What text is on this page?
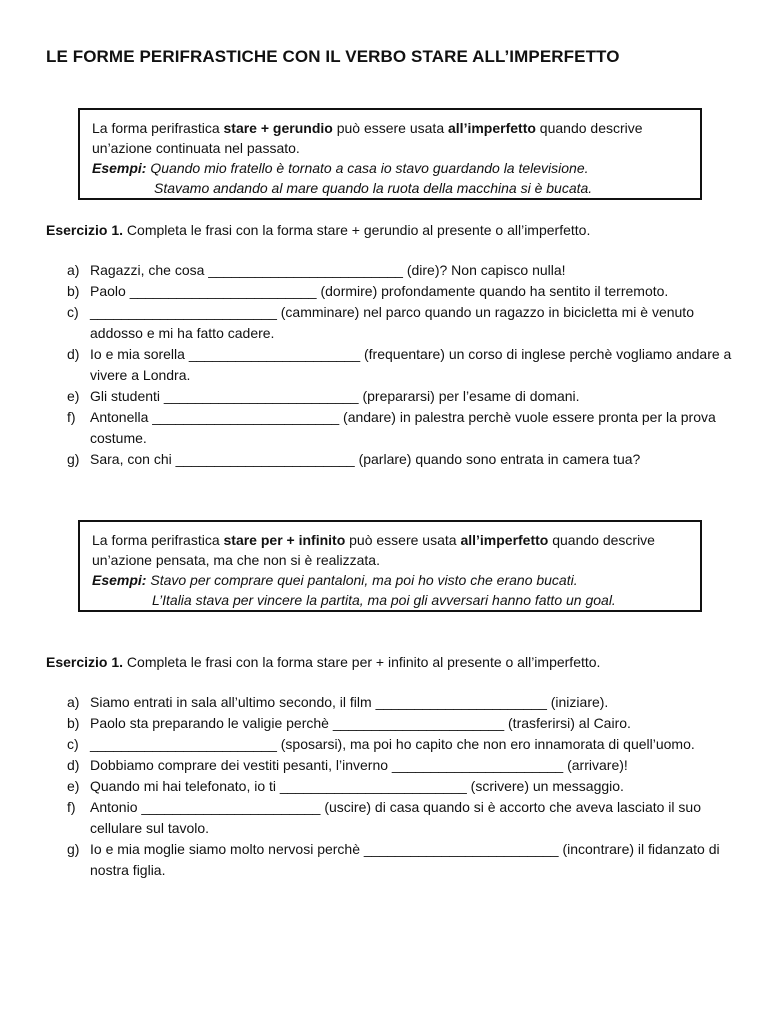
LE FORME PERIFRASTICHE CON IL VERBO STARE ALL’IMPERFETTO

La forma perifrastica stare + gerundio può essere usata all’imperfetto quando descrive

un’azione continuata nel passato.

Esempi: Quando mio fratello è tornato a casa io stavo guardando la televisione.

Stavamo andando al mare quando la ruota della macchina si è bucata.

Esercizio 1. Completa le frasi con la forma stare + gerundio al presente o all’imperfetto.

a) Ragazzi, che cosa _________________________ (dire)? Non capisco nulla!
b) Paolo ________________________ (dormire) profondamente quando ha sentito il terremoto.
c) ________________________ (camminare) nel parco quando un ragazzo in bicicletta mi è venuto addosso e mi ha fatto cadere.
d) Io e mia sorella ______________________ (frequentare) un corso di inglese perchè vogliamo andare a vivere a Londra.
e) Gli studenti _________________________ (prepararsi) per l’esame di domani.
f)	Antonella ________________________ (andare) in palestra perchè vuole essere pronta per la prova costume.
g) Sara, con chi _______________________ (parlare) quando sono entrata in camera tua?

La forma perifrastica stare per + infinito può essere usata all’imperfetto quando descrive

un’azione pensata, ma che non si è realizzata.

Esempi: Stavo per comprare quei pantaloni, ma poi ho visto che erano bucati.

L’Italia stava per vincere la partita, ma poi gli avversari hanno fatto un goal.

Esercizio 1. Completa le frasi con la forma stare per + infinito al presente o all’imperfetto.

a) Siamo entrati in sala all’ultimo secondo, il film ______________________ (iniziare).
b) Paolo sta preparando le valigie perchè ______________________ (trasferirsi) al Cairo.
c) ________________________ (sposarsi), ma poi ho capito che non ero innamorata di quell’uomo.
d) Dobbiamo comprare dei vestiti pesanti, l’inverno ______________________ (arrivare)!
e) Quando mi hai telefonato, io ti ________________________ (scrivere) un messaggio.
f)	Antonio _______________________ (uscire) di casa quando si è accorto che aveva lasciato il suo cellulare sul tavolo.
g) Io e mia moglie siamo molto nervosi perchè _________________________ (incontrare) il fidanzato di nostra figlia.
